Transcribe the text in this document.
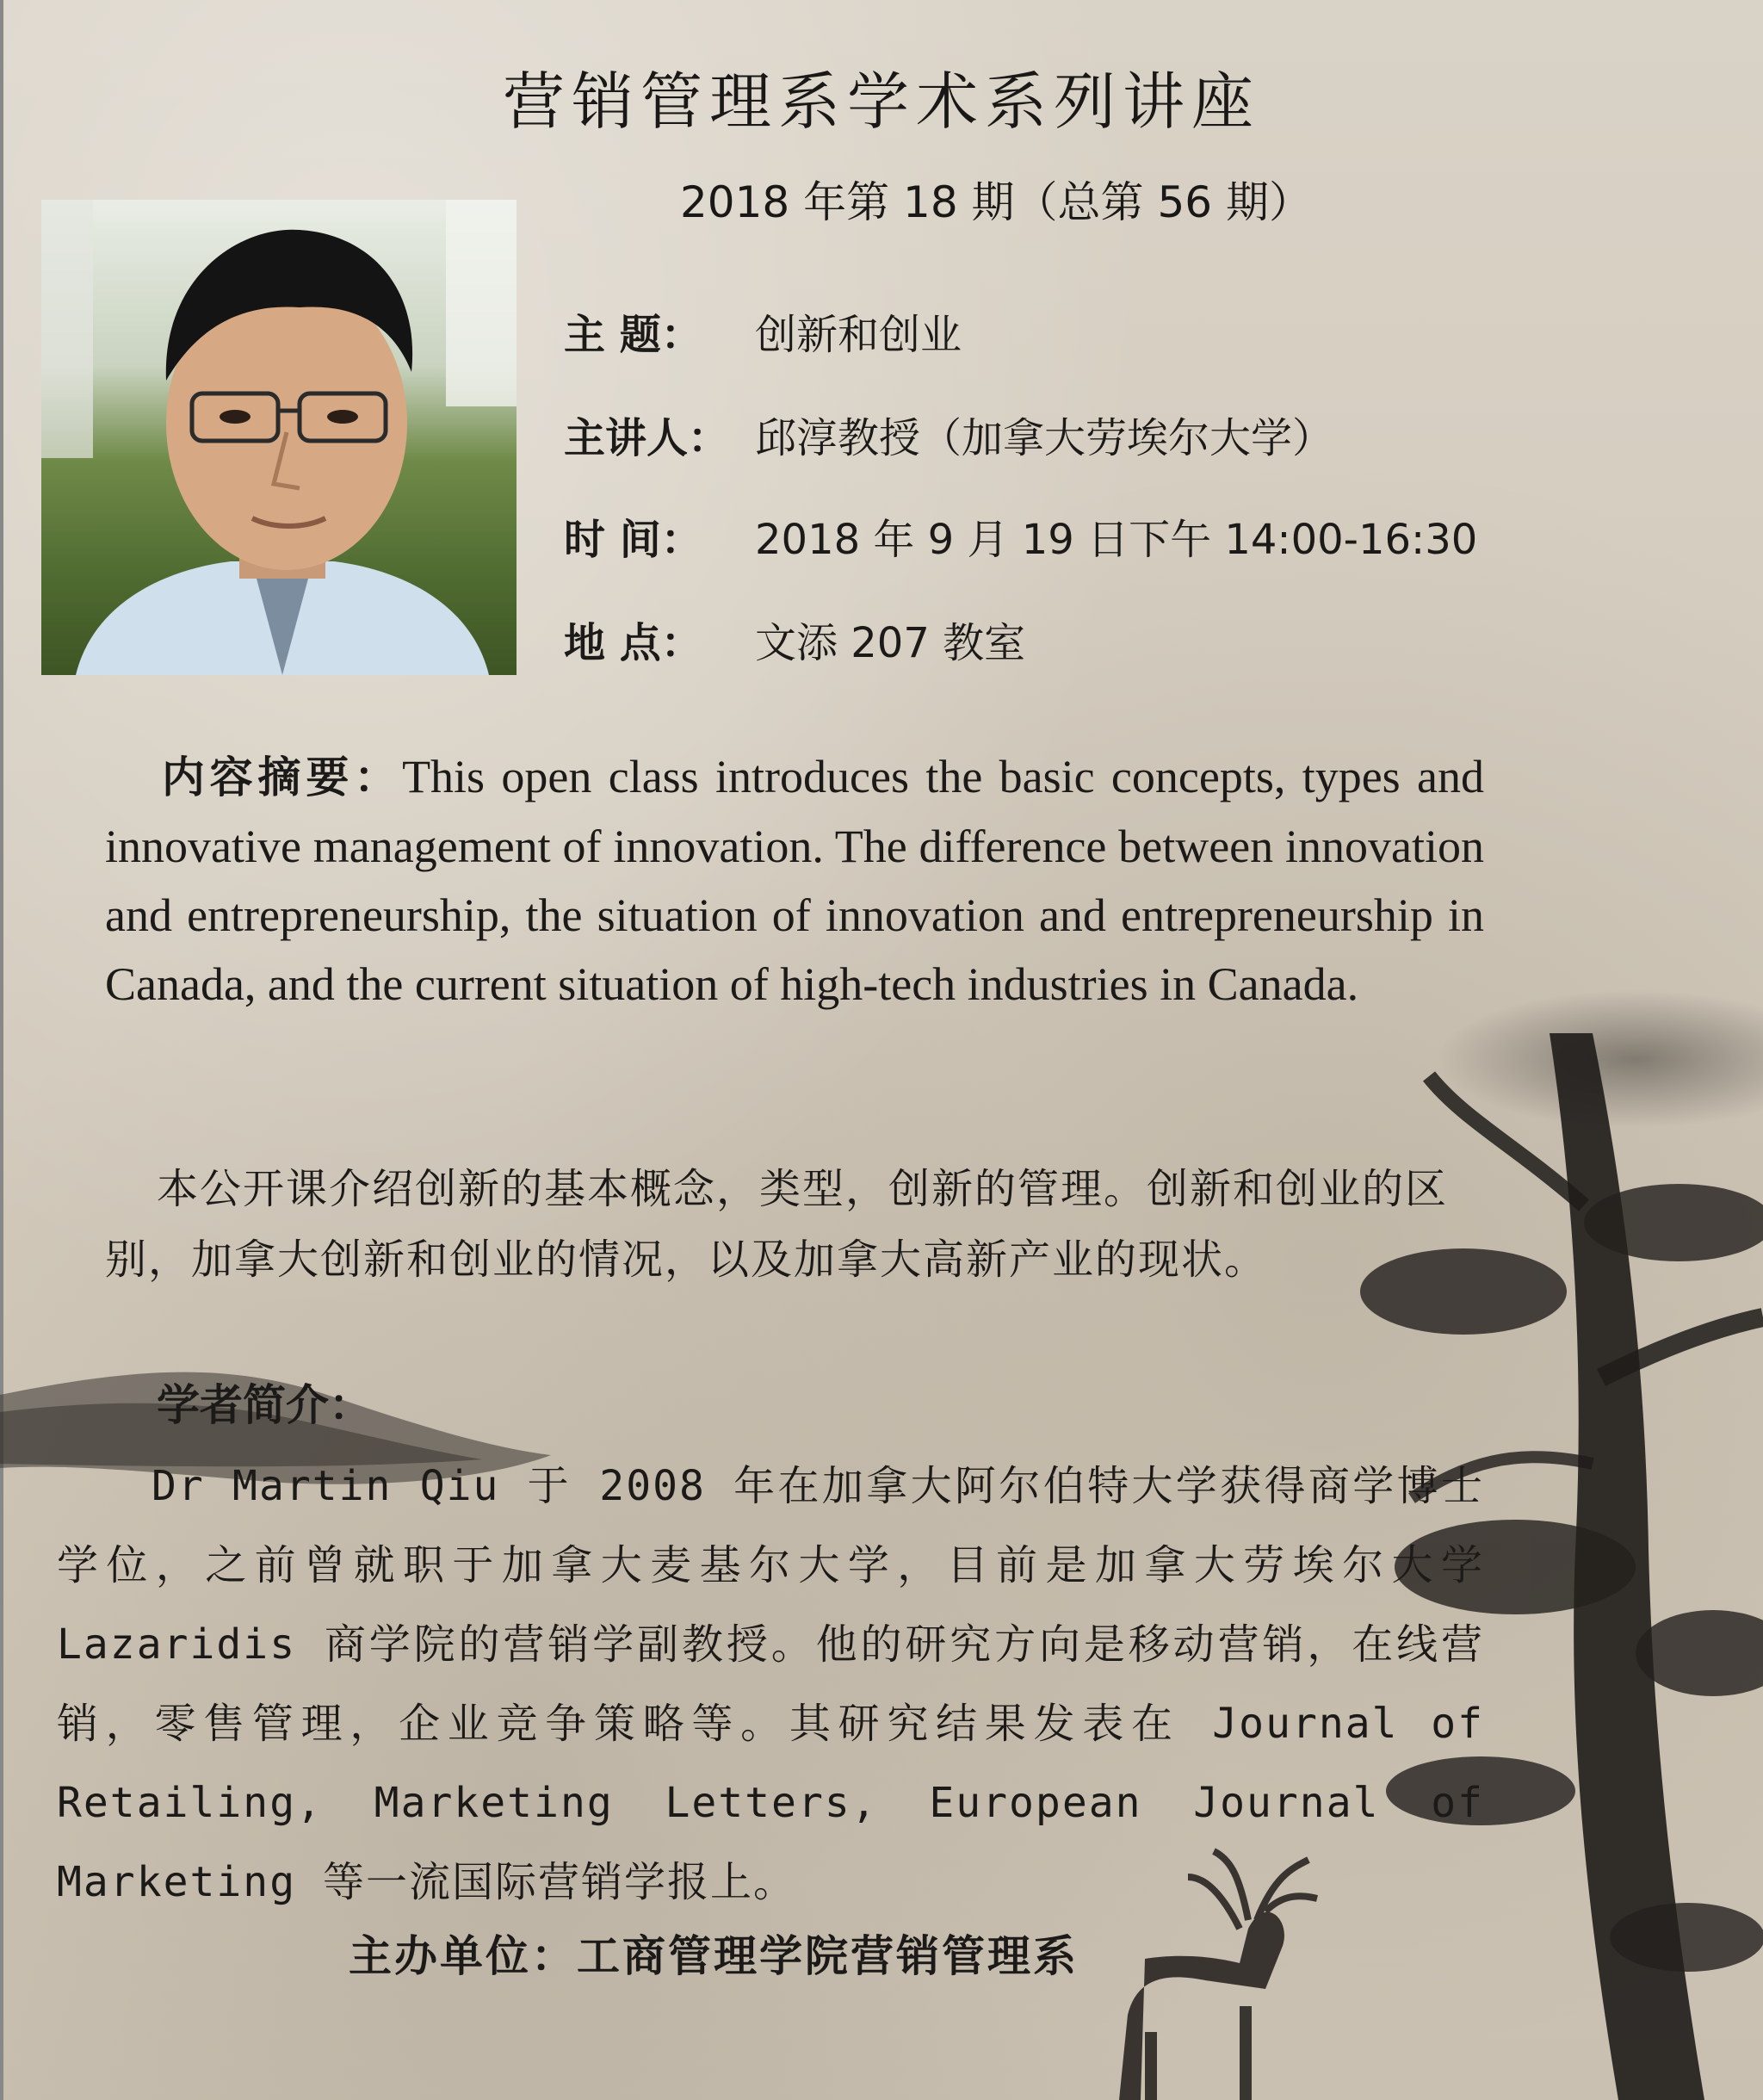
营销管理系学术系列讲座
2018 年第 18 期（总第 56 期）
主 题： 创新和创业
主讲人： 邱淳教授（加拿大劳埃尔大学）
时 间： 2018 年 9 月 19 日下午 14:00-16:30
地 点： 文添 207 教室
内容摘要：This open class introduces the basic concepts, types and innovative management of innovation. The difference between innovation and entrepreneurship, the situation of innovation and entrepreneurship in Canada, and the current situation of high-tech industries in Canada.
本公开课介绍创新的基本概念，类型，创新的管理。创新和创业的区别，加拿大创新和创业的情况，以及加拿大高新产业的现状。
学者简介：
Dr Martin Qiu 于 2008 年在加拿大阿尔伯特大学获得商学博士学位，之前曾就职于加拿大麦基尔大学，目前是加拿大劳埃尔大学 Lazaridis 商学院的营销学副教授。他的研究方向是移动营销，在线营销，零售管理，企业竞争策略等。其研究结果发表在 Journal of Retailing, Marketing Letters, European Journal of Marketing 等一流国际营销学报上。
主办单位：工商管理学院营销管理系
